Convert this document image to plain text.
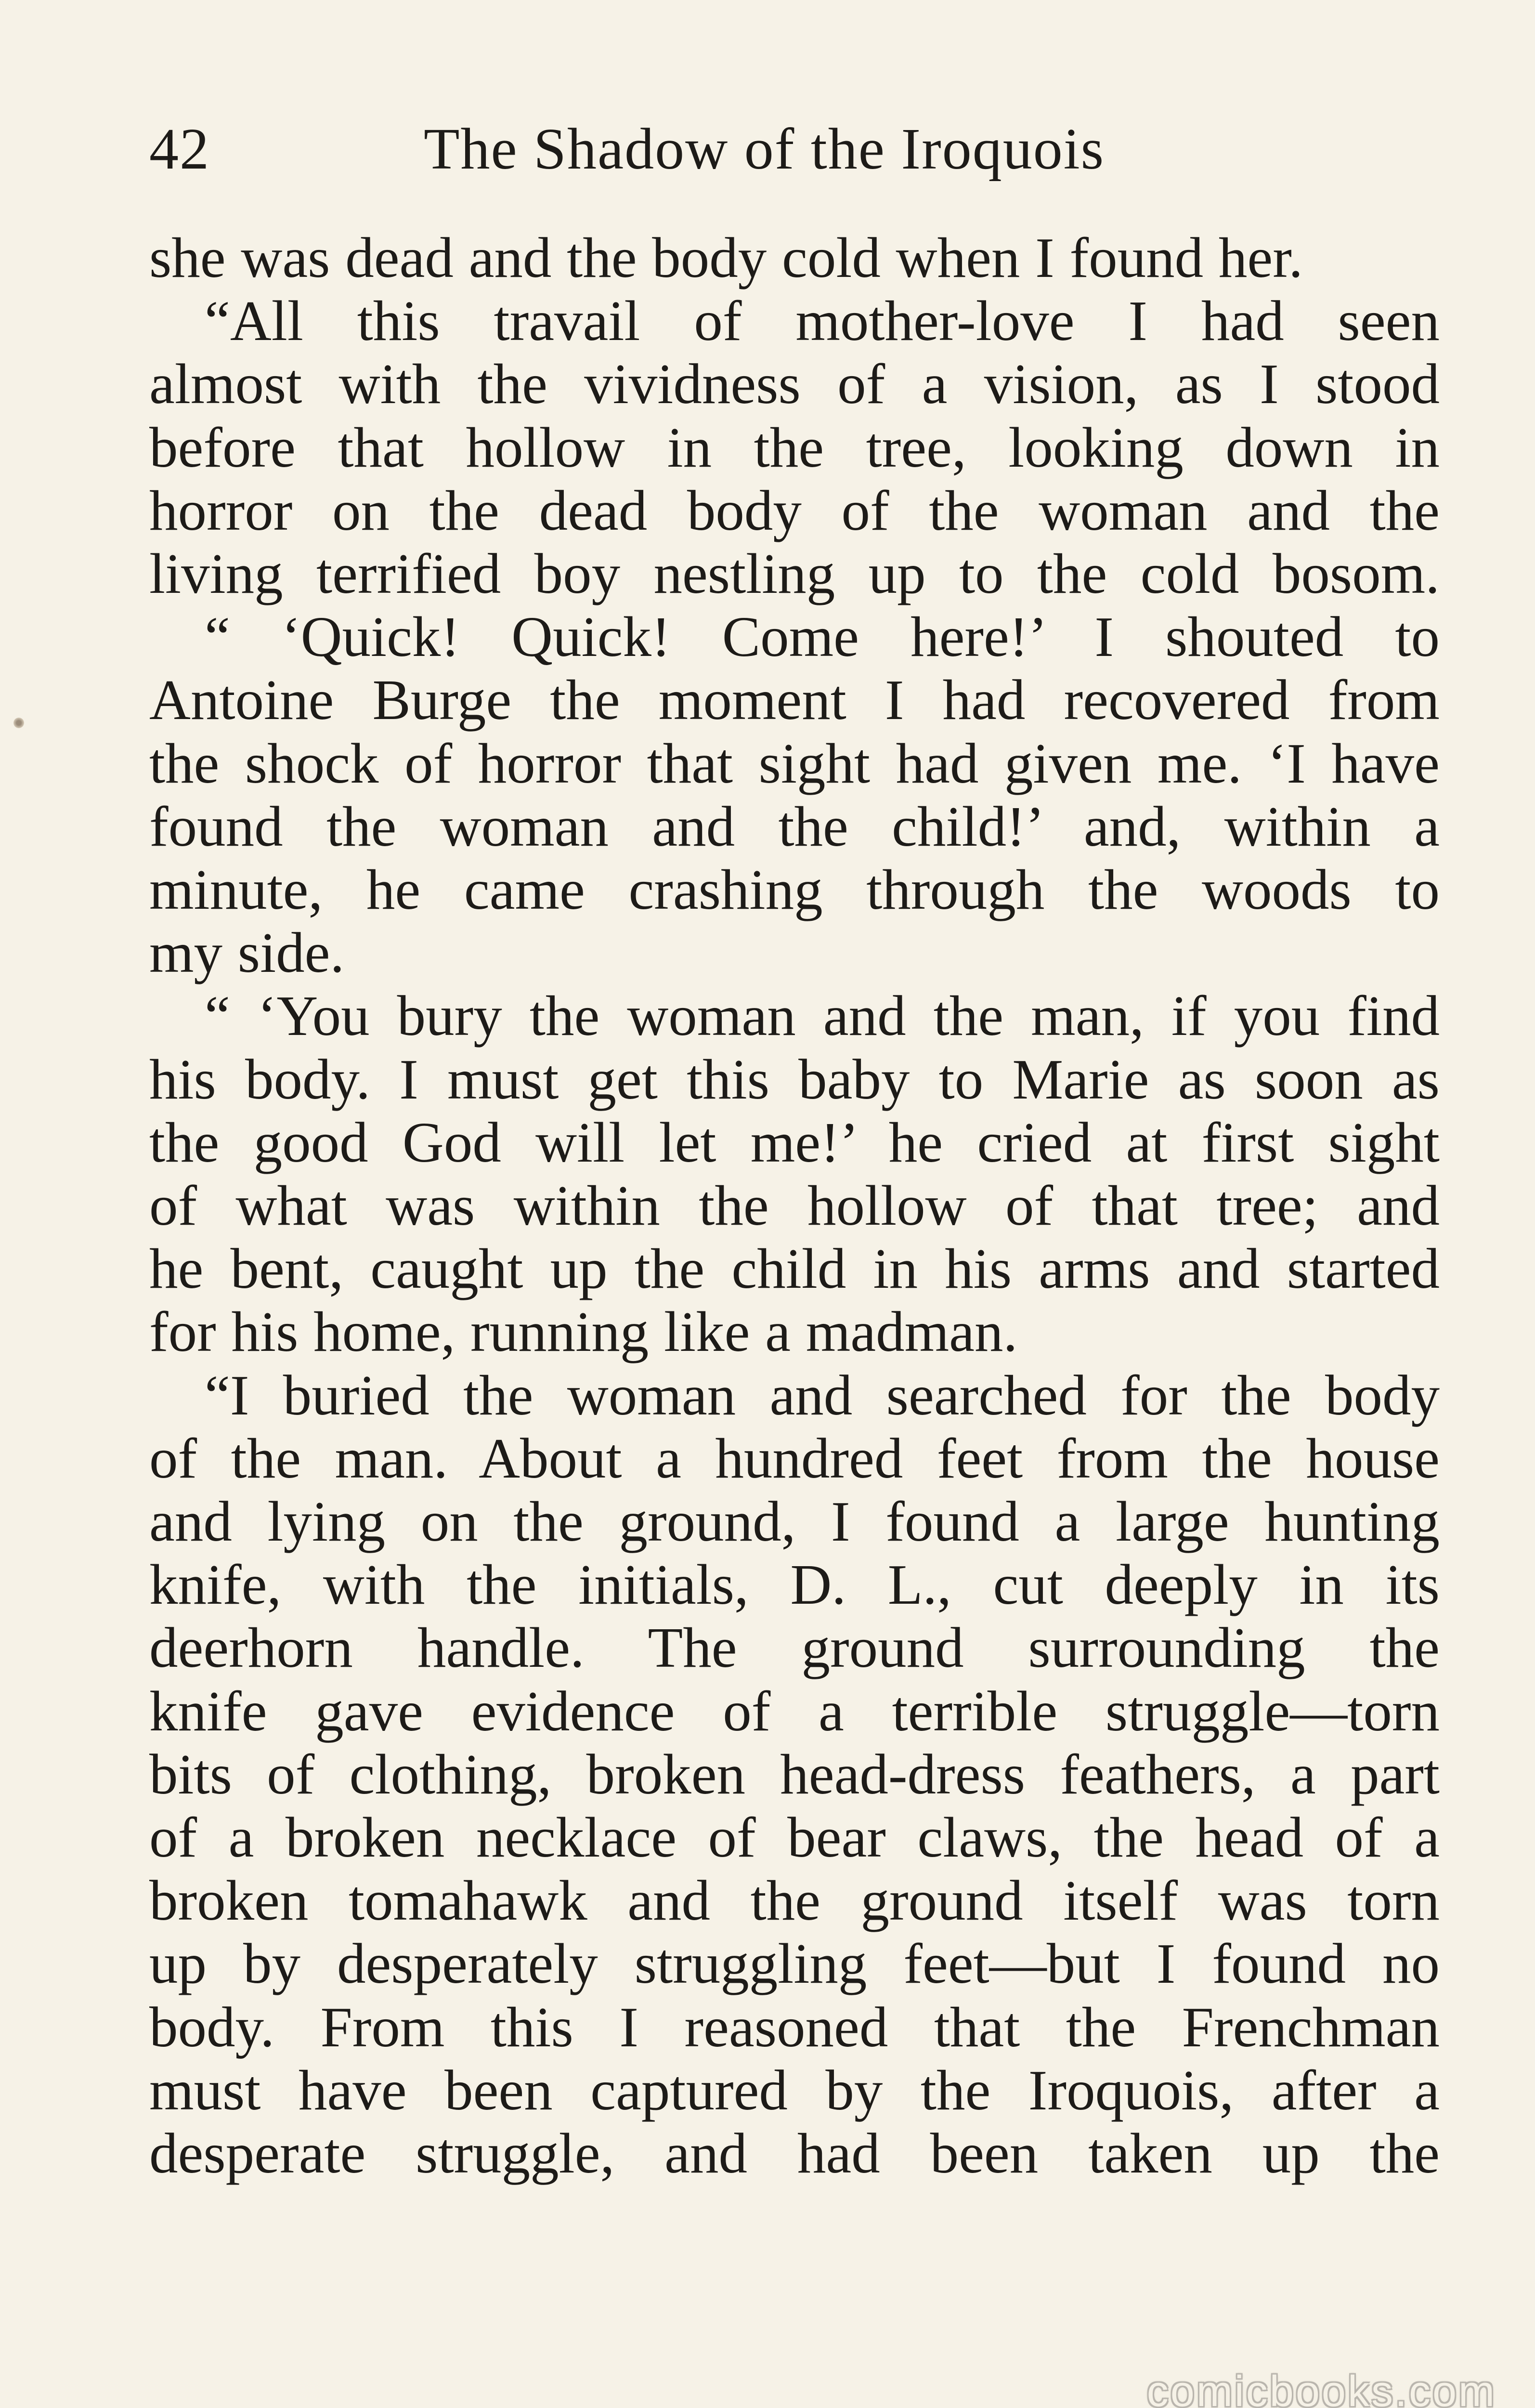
42	The Shadow of the Iroquois

she was dead and the body cold when I found her.

“All this travail of mother-love I had seen

almost with the vividness of a vision, as I stood

before that hollow in the tree, looking down in

horror on the dead body of the woman and the

living terrified boy nestling up to the cold bosom.

“ ‘Quick! Quick! Come here!’ I shouted to

Antoine Burge the moment I had recovered from

the shock of horror that sight had given me. ‘I have

found the woman and the child!’ and, within a

minute, he came crashing through the woods to

my side.

“ ‘You bury the woman and the man, if you find

his body. I must get this baby to Marie as soon as

the good God will let me!’ he cried at first sight

of what was within the hollow of that tree; and

he bent, caught up the child in his arms and started

for his home, running like a madman.

“I buried the woman and searched for the body

of the man. About a hundred feet from the house

and lying on the ground, I found a large hunting

knife, with the initials, D. L., cut deeply in its

deerhorn handle. The ground surrounding the

knife gave evidence of a terrible struggle—torn

bits of clothing, broken head-dress feathers, a part

of a broken necklace of bear claws, the head of a

broken tomahawk and the ground itself was torn

up by desperately struggling feet—but I found no

body. From this I reasoned that the Frenchman

must have been captured by the Iroquois, after a

desperate struggle, and had been taken up the

comicbooks.com
